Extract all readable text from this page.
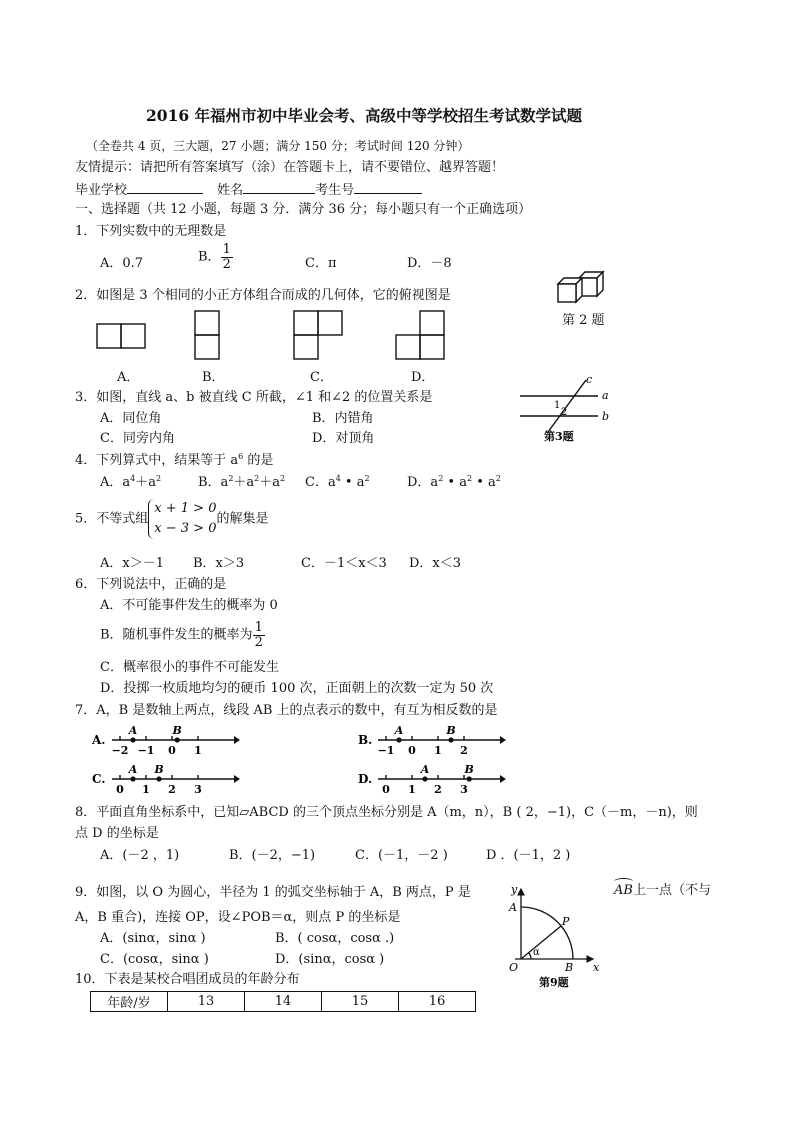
2016 年福州市初中毕业会考、高级中等学校招生考试数学试题
（全卷共 4 页，三大题，27 小题；满分 150 分；考试时间 120 分钟）
友情提示：请把所有答案填写（涂）在答题卡上，请不要错位、越界答题！
毕业学校	姓名	考生号
一、选择题（共 12 小题，每题 3 分．满分 36 分；每小题只有一个正确选项）
1．下列实数中的无理数是
A．0.7	B． $\frac{1}{2}$	C．π	D．－8
2．如图是 3 个相同的小正方体组合而成的几何体，它的俯视图是
第 2 题
A．	B．	C．	D．
3．如图，直线 a、b 被直线 C 所截，∠1 和∠2 的位置关系是
A．同位角	B．内错角
C．同旁内角	D．对顶角
c
a
b
1
2
第3题
4．下列算式中，结果等于 $a^6$ 的是
A．$a^4+a^2$	B．$a^2+a^2+a^2$ C．$a^4$ • $a^2$	D．$a^2$ • $a^2$ • $a^2$
5．不等式组
x + 1 > 0
x − 3 > 0
的解集是
A．x＞－1 B．x＞3	C．－1＜x＜3 D．x＜3
6．下列说法中，正确的是
A．不可能事件发生的概率为 0
B．随机事件发生的概率为 $\frac{1}{2}$
C．概率很小的事件不可能发生
D．投掷一枚质地均匀的硬币 100 次，正面朝上的次数一定为 50 次
7．A，B 是数轴上两点，线段 AB 上的点表示的数中，有互为相反数的是
A.
−2 −1 0 1
A	B
B.
−1 0 1 2
A	B
C.
0 1 2 3
A B
D.
0 1 2 3
A	B
8．平面直角坐标系中，已知▱ABCD 的三个顶点坐标分别是 A（m，n），B ( 2，−1)，C（－m，－n)，则
点 D 的坐标是
A．(－2 ，1)	B．(－2，−1)	C．(－1，－2 )	D ．(－1，2 )
9．如图，以 O 为圆心，半径为 1 的弧交坐标轴于 A，B 两点，P 是	AB上一点（不与
A，B 重合)，连接 OP，设∠POB＝α，则点 P 的坐标是
A．(sinα，sinα )	B．( cosα，cosα .)
C．(cosα，sinα )	D．(sinα，cosα )
y
x
A
P
O	B
α
第9题
10．下表是某校合唱团成员的年龄分布
年龄/岁	13	14	15	16
